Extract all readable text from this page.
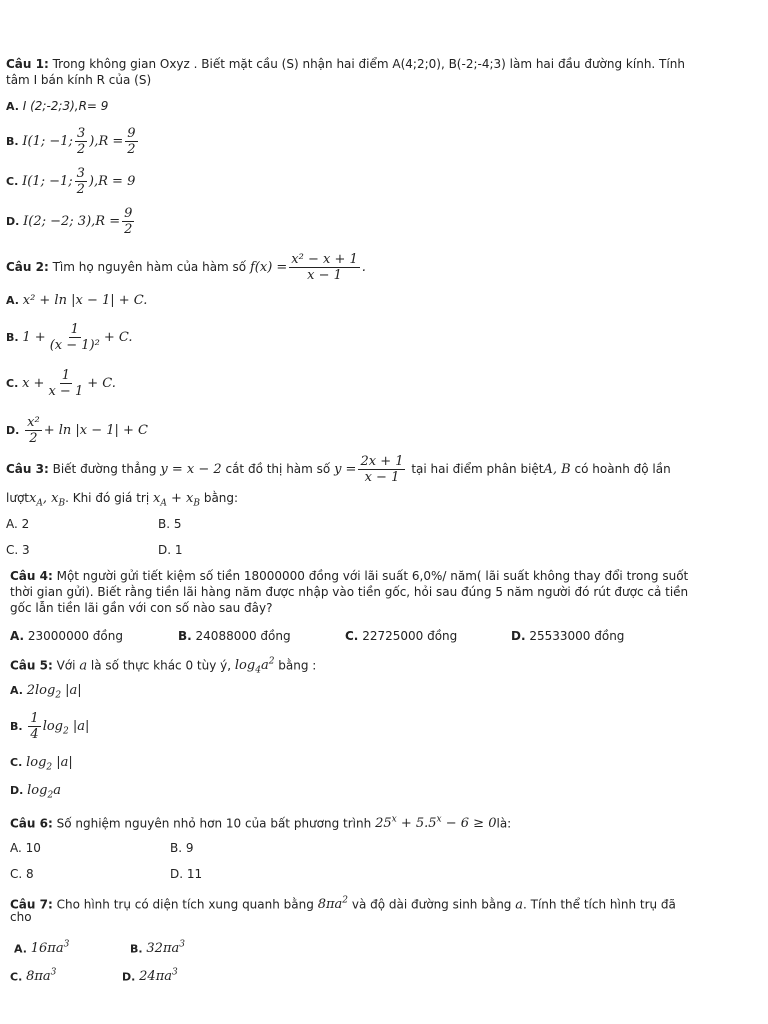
Câu 1: Trong không gian Oxyz . Biết mặt cầu (S) nhận hai điểm A(4;2;0), B(-2;-4;3) làm hai đầu đường kính. Tính
tâm I bán kính R của (S)
A. I (2;-2;3),R= 9
B. I(1; −1; $\frac{3}{2} ),R = \frac{9}{2}$
C. I(1; −1; $\frac{3}{2} ),R = 9$
D. I(2; −2; $3),R = \frac{9}{2}$
Câu 2: Tìm họ nguyên hàm của hàm số $f(x) = \frac{\text{x² − x + 1}}{x - 1}$ .
A. x² + ln |x − 1| + C.
B. $1 + \frac{1}{\text{(x − 1)²}} + C$.
C. $x + \frac{1}{x - 1} + C$.
D. $\frac{\text{x²}}{2} + \ln |x - 1| + C$
Câu 3: Biết đường thẳng y = x − 2 cắt đồ thị hàm số $y = \frac{2x + 1}{x - 1}$ tại hai điểm phân biệtA, B có hoành độ lần
lượtx$_A$, $x_B$. Khi đó giá trị $x_A + x_B$ bằng:
A. 2	B. 5
C. 3	D. 1
Câu 4: Một người gửi tiết kiệm số tiền 18000000 đồng với lãi suất 6,0%/ năm( lãi suất không thay đổi trong suốt
thời gian gửi). Biết rằng tiền lãi hàng năm được nhập vào tiền gốc, hỏi sau đúng 5 năm người đó rút được cả tiền
gốc lẫn tiền lãi gần với con số nào sau đây?
A. 23000000 đồng	B. 24088000 đồng	C. 22725000 đồng	D. 25533000 đồng
Câu 5: Với a là số thực khác 0 tùy ý, $\log_4a^2$ bằng :
A. $2\log_2$ |a|
B. $\frac{1}{4} \log_2 |a|$
C. $\log_2 |a|$
D. $\log_2a$
Câu 6: Số nghiệm nguyên nhỏ hơn 10 của bất phương trình $25^x + 5.5^x - 6$ ≥ 0là:
A. 10	B. 9
C. 8	D. 11
Câu 7: Cho hình trụ có diện tích xung quanh bằng $8\pi a^2$ và độ dài đường sinh bằng a. Tính thể tích hình trụ đã
cho
A. $16\pi a^3$	B. $32\pi a^3$
C. $8\pi a^3$	D. $24\pi a^3$
